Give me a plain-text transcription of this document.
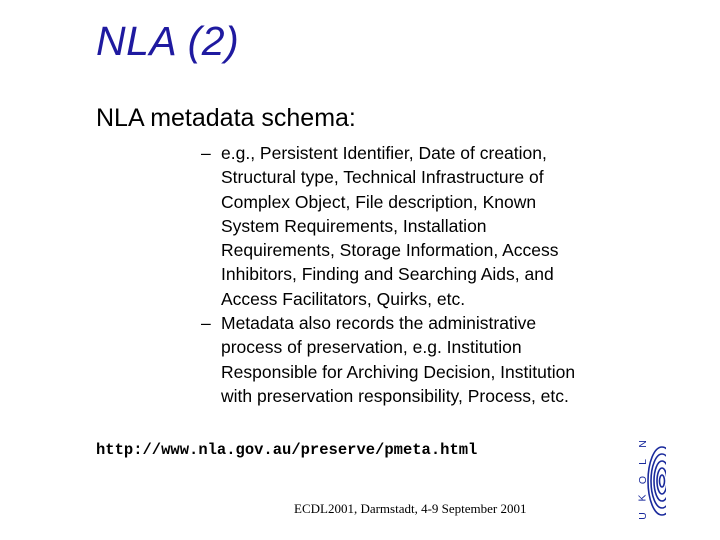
NLA (2)
NLA metadata schema:
– e.g., Persistent Identifier, Date of creation,
Structural type, Technical Infrastructure of
Complex Object, File description, Known
System Requirements, Installation
Requirements, Storage Information, Access
Inhibitors, Finding and Searching Aids, and
Access Facilitators, Quirks, etc.
– Metadata also records the administrative
process of preservation, e.g. Institution
Responsible for Archiving Decision, Institution
with preservation responsibility, Process, etc.
http://www.nla.gov.au/preserve/pmeta.html
ECDL2001, Darmstadt, 4-9 September 2001
N
L
O
K
U
